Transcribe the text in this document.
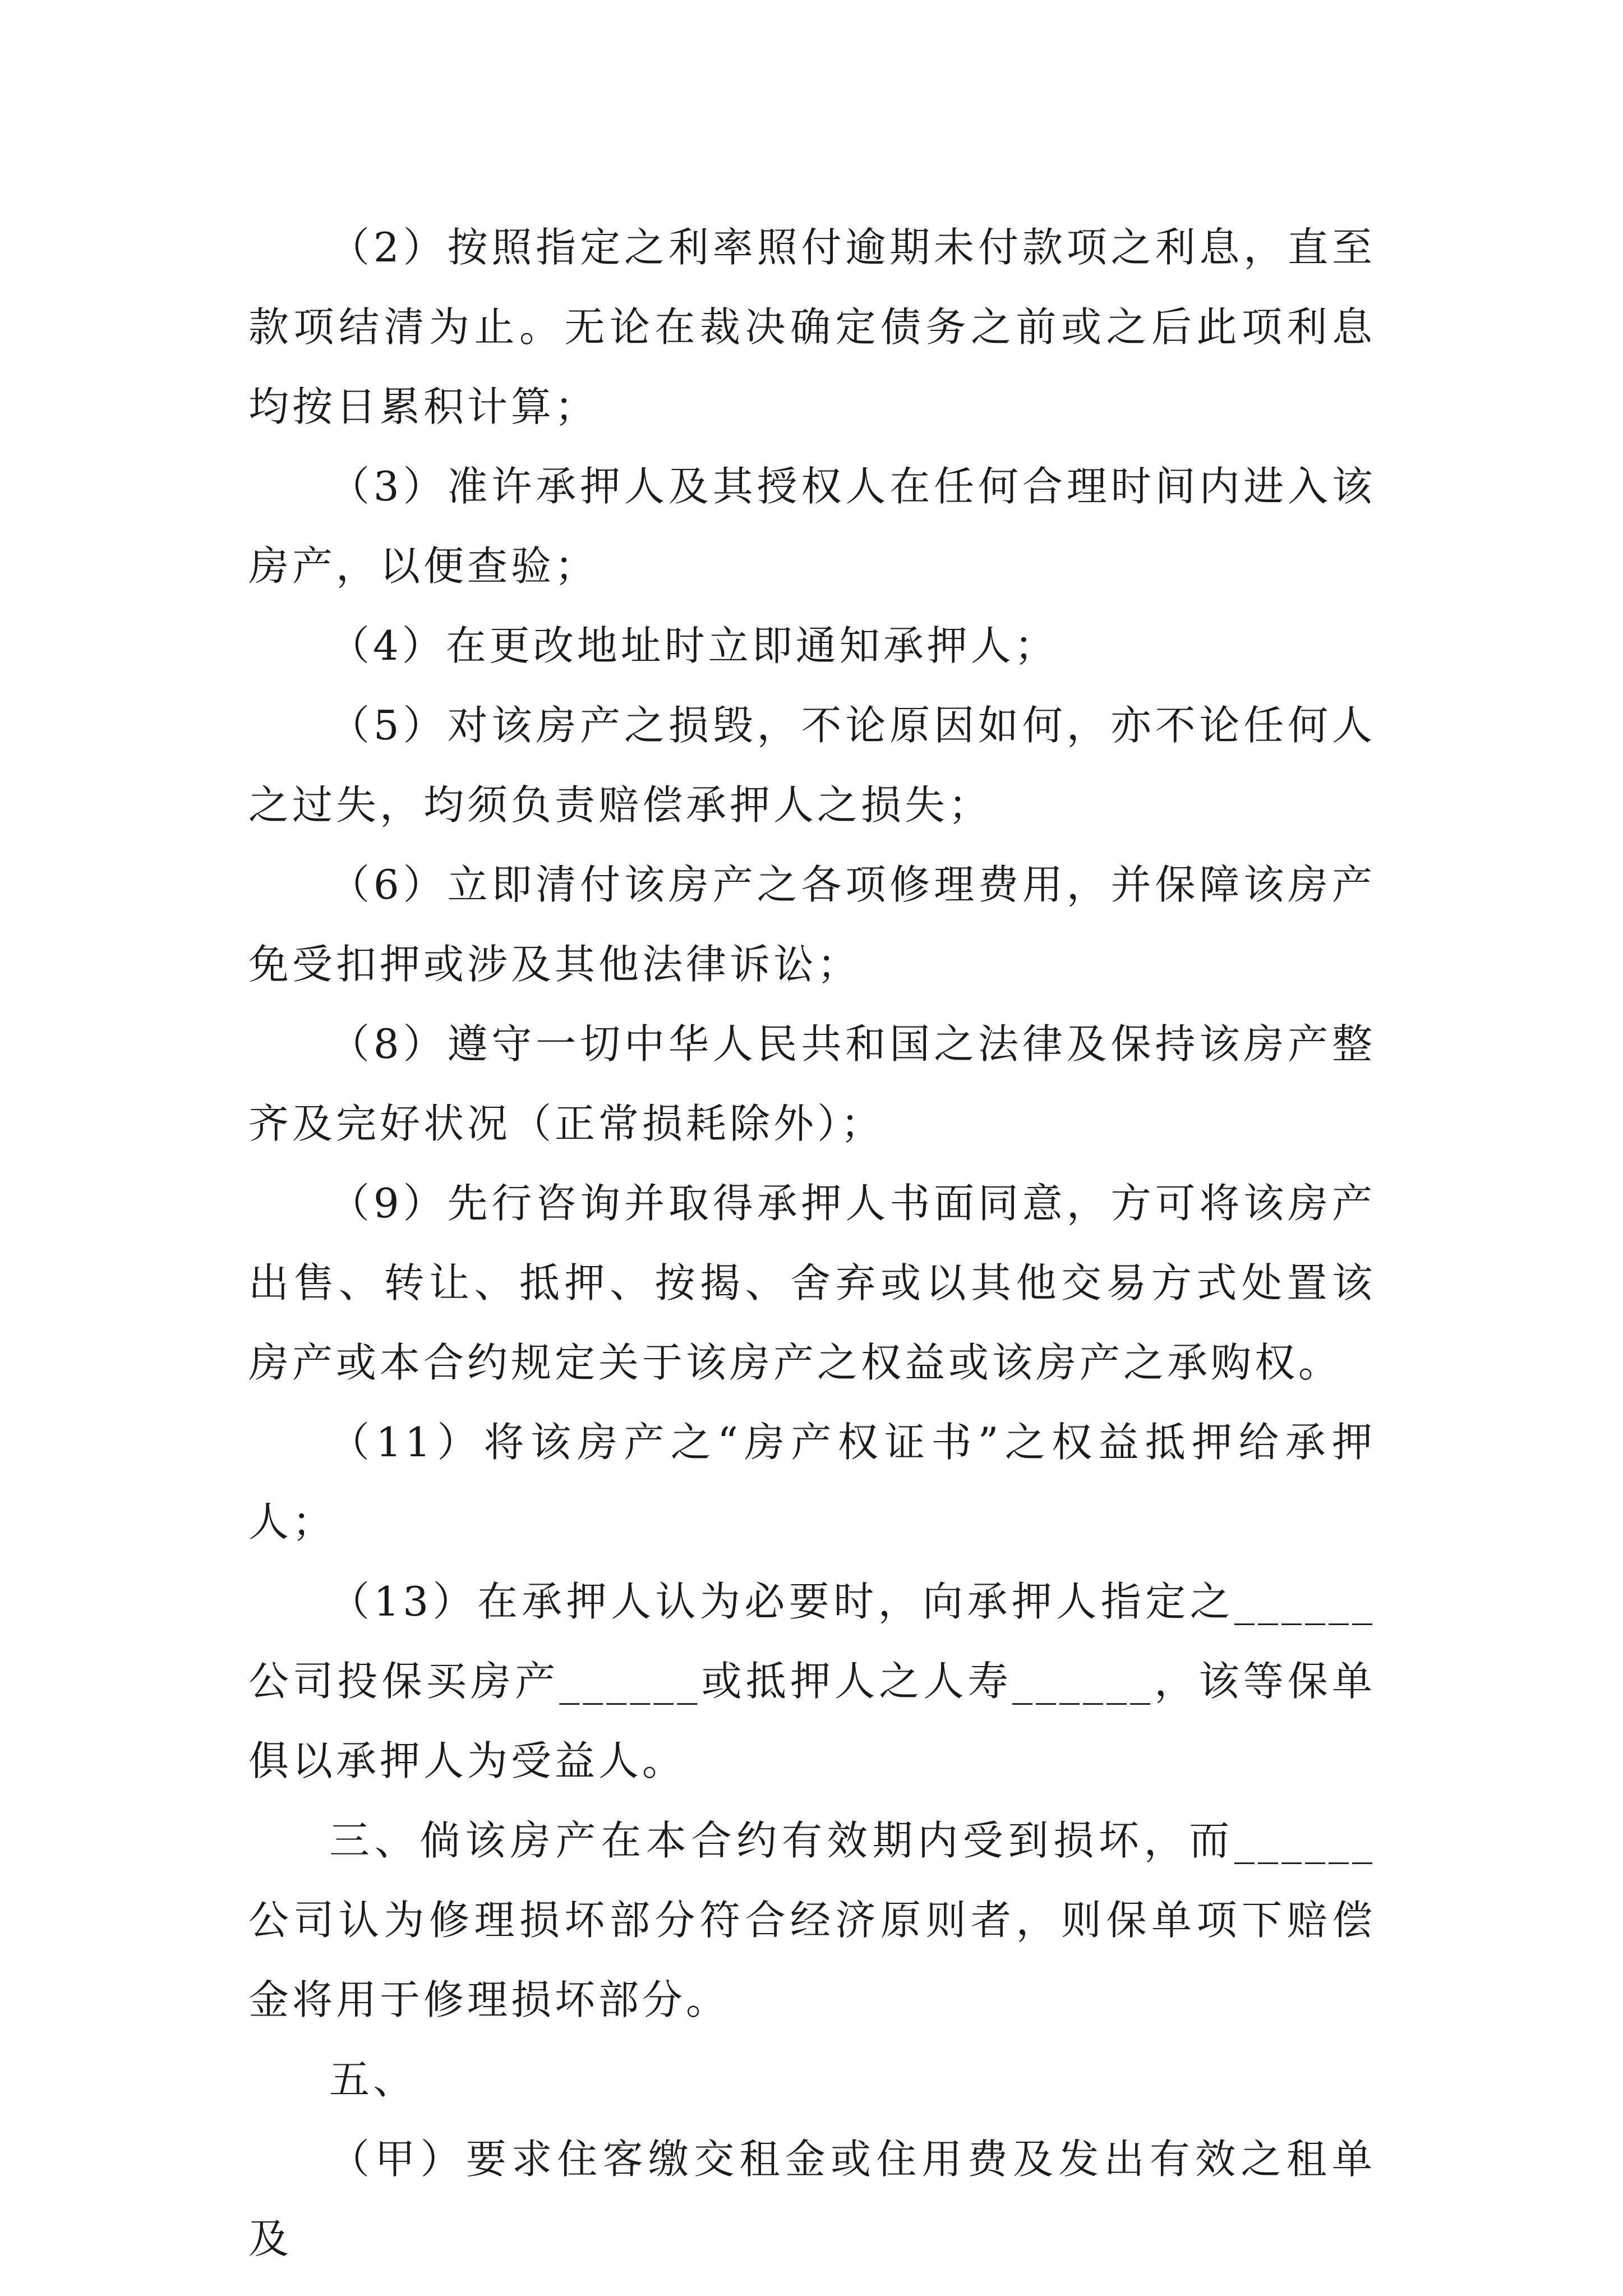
（2）按照指定之利率照付逾期未付款项之利息，直至款项结清为止。无论在裁决确定债务之前或之后此项利息均按日累积计算；

（3）准许承押人及其授权人在任何合理时间内进入该房产，以便查验；

（4）在更改地址时立即通知承押人；

（5）对该房产之损毁，不论原因如何，亦不论任何人之过失，均须负责赔偿承押人之损失；

（6）立即清付该房产之各项修理费用，并保障该房产免受扣押或涉及其他法律诉讼；

（8）遵守一切中华人民共和国之法律及保持该房产整齐及完好状况（正常损耗除外）；

（9）先行咨询并取得承押人书面同意，方可将该房产出售、转让、抵押、按揭、舍弃或以其他交易方式处置该房产或本合约规定关于该房产之权益或该房产之承购权。

（11）将该房产之“房产权证书”之权益抵押给承押人；

（13）在承押人认为必要时，向承押人指定之______公司投保买房产______或抵押人之人寿______，该等保单俱以承押人为受益人。

三、倘该房产在本合约有效期内受到损坏，而______公司认为修理损坏部分符合经济原则者，则保单项下赔偿金将用于修理损坏部分。

五、

（甲）要求住客缴交租金或住用费及发出有效之租单及
